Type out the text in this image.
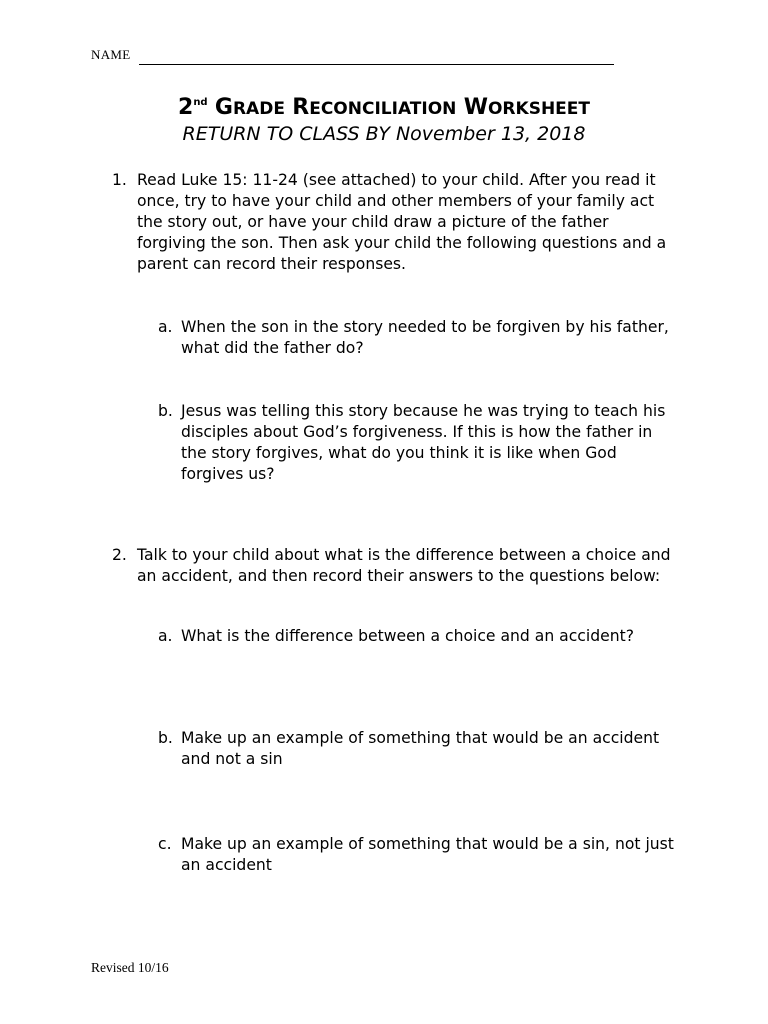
NAME
2nd GRADE RECONCILIATION WORKSHEET
RETURN TO CLASS BY November 13, 2018
1. Read Luke 15: 11-24 (see attached) to your child. After you read it once, try to have your child and other members of your family act the story out, or have your child draw a picture of the father forgiving the son. Then ask your child the following questions and a parent can record their responses.
a. When the son in the story needed to be forgiven by his father, what did the father do?
b. Jesus was telling this story because he was trying to teach his disciples about God’s forgiveness. If this is how the father in the story forgives, what do you think it is like when God forgives us?
2. Talk to your child about what is the difference between a choice and an accident, and then record their answers to the questions below:
a. What is the difference between a choice and an accident?
b. Make up an example of something that would be an accident and not a sin
c. Make up an example of something that would be a sin, not just an accident
Revised 10/16
